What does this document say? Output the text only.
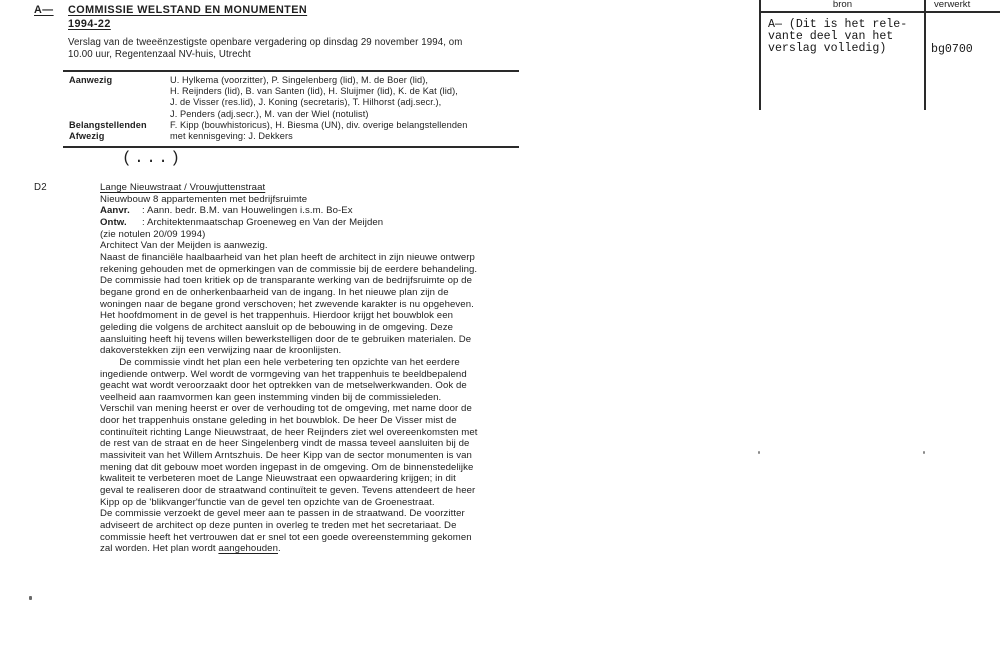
A— COMMISSIE WELSTAND EN MONUMENTEN
1994-22
Verslag van de tweeënzestigste openbare vergadering op dinsdag 29 november 1994, om
10.00 uur, Regentenzaal NV-huis, Utrecht
Aanwezig	U. Hylkema (voorzitter), P. Singelenberg (lid), M. de Boer (lid),
H. Reijnders (lid), B. van Santen (lid), H. Sluijmer (lid), K. de Kat (lid),
J. de Visser (res.lid), J. Koning (secretaris), T. Hilhorst (adj.secr.),
J. Penders (adj.secr.), M. van der Wiel (notulist)
Belangstellenden	F. Kipp (bouwhistoricus), H. Biesma (UN), div. overige belangstellenden
Afwezig	met kennisgeving: J. Dekkers
(...)
D2	Lange Nieuwstraat / Vrouwjuttenstraat
Nieuwbouw 8 appartementen met bedrijfsruimte
Aanvr. : Aann. bedr. B.M. van Houwelingen i.s.m. Bo-Ex
Ontw. : Architektenmaatschap Groeneweg en Van der Meijden
(zie notulen 20/09 1994)
Architect Van der Meijden is aanwezig.
Naast de financiële haalbaarheid van het plan heeft de architect in zijn nieuwe ontwerp
rekening gehouden met de opmerkingen van de commissie bij de eerdere behandeling.
De commissie had toen kritiek op de transparante werking van de bedrijfsruimte op de
begane grond en de onherkenbaarheid van de ingang. In het nieuwe plan zijn de
woningen naar de begane grond verschoven; het zwevende karakter is nu opgeheven.
Het hoofdmoment in de gevel is het trappenhuis. Hierdoor krijgt het bouwblok een
geleding die volgens de architect aansluit op de bebouwing in de omgeving. Deze
aansluiting heeft hij tevens willen bewerkstelligen door de te gebruiken materialen. De
dakoverstekken zijn een verwijzing naar de kroonlijsten.
De commissie vindt het plan een hele verbetering ten opzichte van het eerdere
ingediende ontwerp. Wel wordt de vormgeving van het trappenhuis te beeldbepalend
geacht wat wordt veroorzaakt door het optrekken van de metselwerkwanden. Ook de
veelheid aan raamvormen kan geen instemming vinden bij de commissieleden.
Verschil van mening heerst er over de verhouding tot de omgeving, met name door de
door het trappenhuis onstane geleding in het bouwblok. De heer De Visser mist de
continuïteit richting Lange Nieuwstraat, de heer Reijnders ziet wel overeenkomsten met
de rest van de straat en de heer Singelenberg vindt de massa teveel aansluiten bij de
massiviteit van het Willem Arntszhuis. De heer Kipp van de sector monumenten is van
mening dat dit gebouw moet worden ingepast in de omgeving. Om de binnenstedelijke
kwaliteit te verbeteren moet de Lange Nieuwstraat een opwaardering krijgen; in dit
geval te realiseren door de straatwand continuïteit te geven. Tevens attendeert de heer
Kipp op de 'blikvanger'functie van de gevel ten opzichte van de Groenestraat.
De commissie verzoekt de gevel meer aan te passen in de straatwand. De voorzitter
adviseert de architect op deze punten in overleg te treden met het secretariaat. De
commissie heeft het vertrouwen dat er snel tot een goede overeenstemming gekomen
zal worden. Het plan wordt aangehouden.
bron	verwerkt
A— (Dit is het rele-
vante deel van het
verslag volledig)	bg0700
